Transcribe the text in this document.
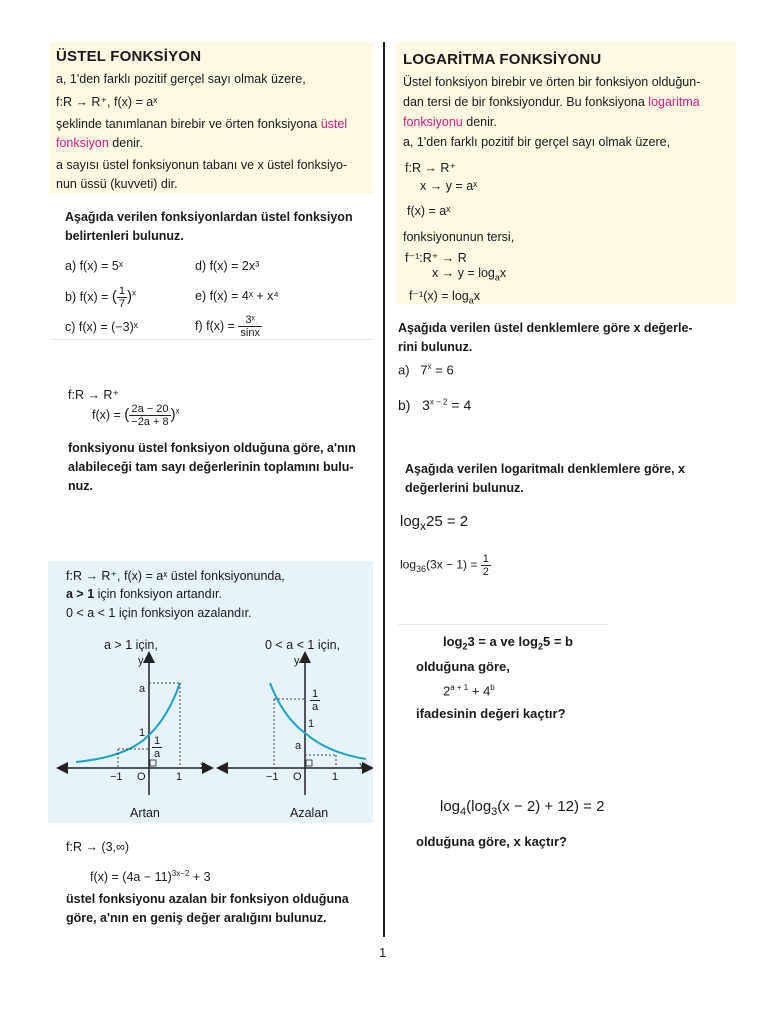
ÜSTEL FONKSİYON
a, 1'den farklı pozitif gerçel sayı olmak üzere,
f:R → R⁺, f(x) = aˣ
şeklinde tanımlanan birebir ve örten fonksiyona üstel
fonksiyon denir.
a sayısı üstel fonksiyonun tabanı ve x üstel fonksiyo-
nun üssü (kuvveti) dir.
Aşağıda verilen fonksiyonlardan üstel fonksiyon
belirtenleri bulunuz.
a) f(x) = 5ˣ	d) f(x) = 2x³
b) f(x) = ( $\frac{1}{7} )^x$	e) f(x) = 4ˣ + x⁴
c) f(x) = (−3)ˣ	f) $f(x) = \frac{\text{3ˣ}}{\sin x}$
f:R → R⁺
f(x) = ( $\frac{2a - 20}{-2a + 8} )^x$
fonksiyonu üstel fonksiyon olduğuna göre, a'nın
alabileceği tam sayı değerlerinin toplamını bulu-
nuz.
f:R → R⁺, f(x) = aˣ üstel fonksiyonunda,
a > 1 için fonksiyon artandır.
0 < a < 1 için fonksiyon azalandır.
a > 1 için,	0 < a < 1 için,
y
x
a
1
$\frac{1}{a}$
−1 O	1
Artan
y
x
$\frac{1}{a}$
1
a
−1 O	1
Azalan
f:R → (3,∞)
$f(x) = (4a - 11)^{3x-2} + 3$
üstel fonksiyonu azalan bir fonksiyon olduğuna
göre, a'nın en geniş değer aralığını bulunuz.
LOGARİTMA FONKSİYONU
Üstel fonksiyon birebir ve örten bir fonksiyon olduğun-
dan tersi de bir fonksiyondur. Bu fonksiyona logaritma
fonksiyonu denir.
a, 1'den farklı pozitif bir gerçel sayı olmak üzere,
f:R → R⁺
x → y = aˣ
f(x) = aˣ
fonksiyonunun tersi,
f⁻¹:R⁺ → R
$x \to y = \log_ax$
$f^{-1}(x) = \log_ax$
Aşağıda verilen üstel denklemlere göre x değerle-
rini bulunuz.
a) $7^x = 6$
b) $3^{x - 2} = 4$
Aşağıda verilen logaritmalı denklemlere göre, x
değerlerini bulunuz.
$\log_x25 = 2$
$\log_{36}(3x - 1) = \frac{1}{2}$
$\log_23 = a$ ve $\log_25 = b$
olduğuna göre,
$2^{a + 1} + 4^b$
ifadesinin değeri kaçtır?
$\log_4(\log_3(x - 2) + 12) = 2$
olduğuna göre, x kaçtır?
1
